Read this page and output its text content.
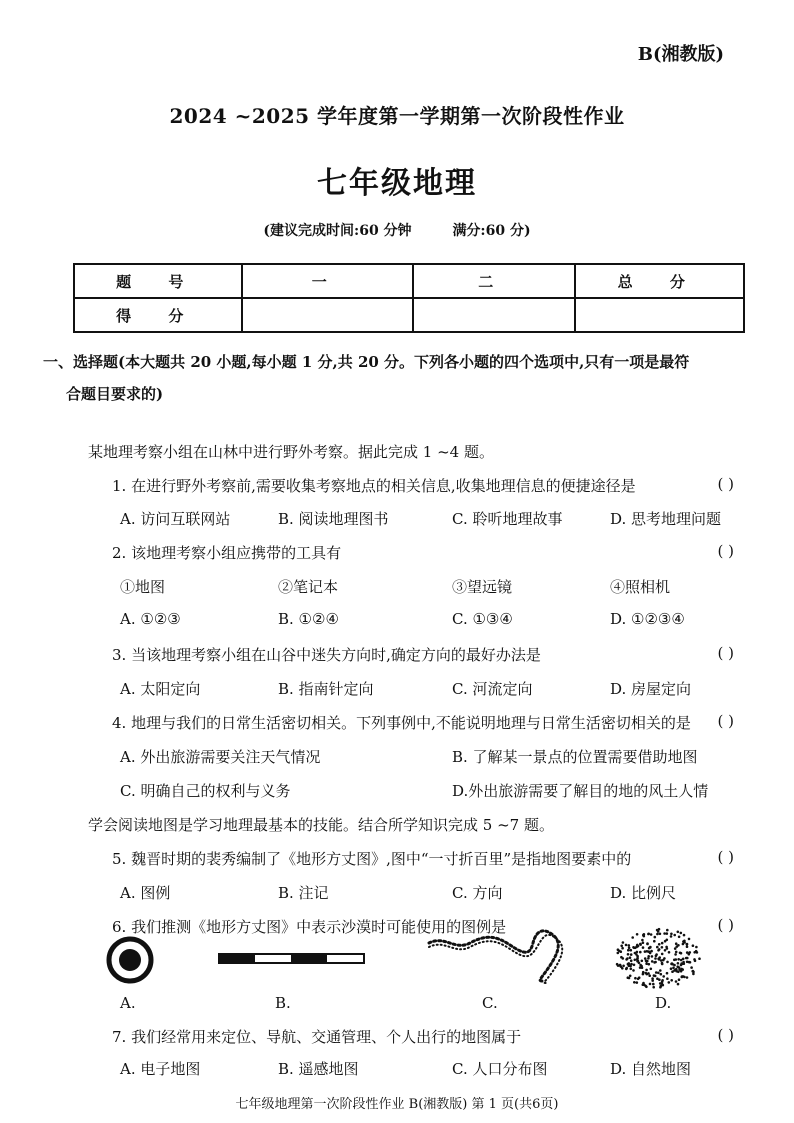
B(湘教版)
2024 ~2025 学年度第一学期第一次阶段性作业
七年级地理
(建议完成时间:60 分钟	满分:60 分)
题 号	一	二	总 分
得 分			
一、选择题(本大题共 20 小题,每小题 1 分,共 20 分。下列各小题的四个选项中,只有一项是最符
合题目要求的)
某地理考察小组在山林中进行野外考察。据此完成 1 ~4 题。
1. 在进行野外考察前,需要收集考察地点的相关信息,收集地理信息的便捷途径是	( )
A. 访问互联网站	B. 阅读地理图书	C. 聆听地理故事	D. 思考地理问题
2. 该地理考察小组应携带的工具有	( )
①地图	②笔记本	③望远镜	④照相机
A. ①②③	B. ①②④	C. ①③④	D. ①②③④
3. 当该地理考察小组在山谷中迷失方向时,确定方向的最好办法是	( )
A. 太阳定向	B. 指南针定向	C. 河流定向	D. 房屋定向
4. 地理与我们的日常生活密切相关。下列事例中,不能说明地理与日常生活密切相关的是 ( )
A. 外出旅游需要关注天气情况	B. 了解某一景点的位置需要借助地图
C. 明确自己的权利与义务	D.外出旅游需要了解目的地的风土人情
学会阅读地图是学习地理最基本的技能。结合所学知识完成 5 ~7 题。
5. 魏晋时期的裴秀编制了《地形方丈图》,图中“一寸折百里”是指地图要素中的	( )
A. 图例	B. 注记	C. 方向	D. 比例尺
6. 我们推测《地形方丈图》中表示沙漠时可能使用的图例是	( )
A.	B.	C.	D.
7. 我们经常用来定位、导航、交通管理、个人出行的地图属于	( )
A. 电子地图	B. 遥感地图	C. 人口分布图	D. 自然地图
七年级地理第一次阶段性作业 B(湘教版) 第 1 页(共6页)
